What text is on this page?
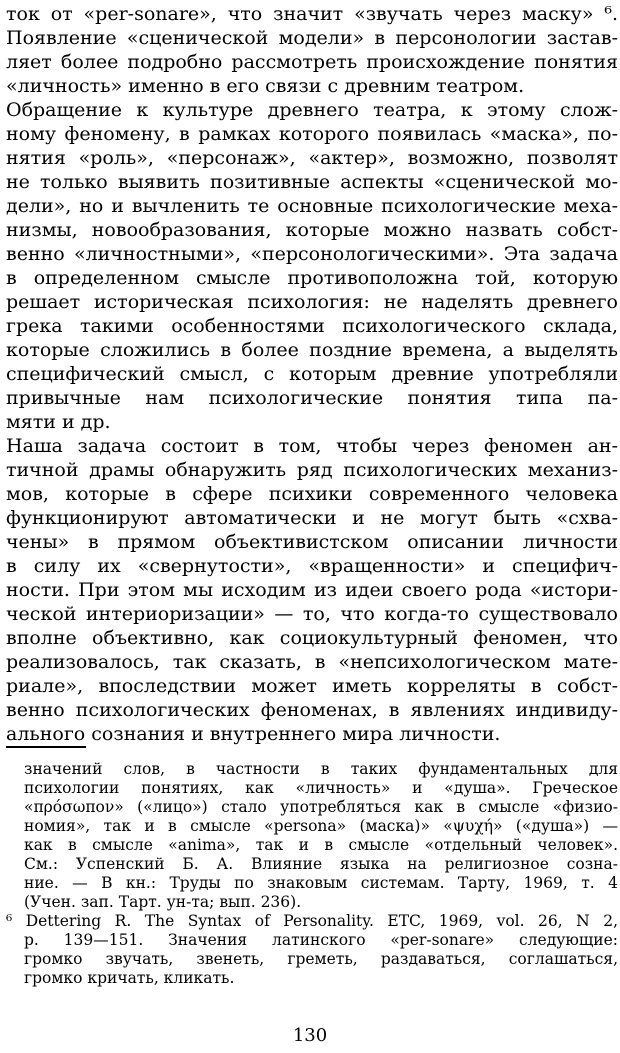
ток от «per-sonare», что значит «звучать через маску» ⁶.
Появление «сценической модели» в персонологии застав-
ляет более подробно рассмотреть происхождение понятия
«личность» именно в его связи с древним театром.
Обращение к культуре древнего театра, к этому слож-
ному феномену, в рамках которого появилась «маска», по-
нятия «роль», «персонаж», «актер», возможно, позволят
не только выявить позитивные аспекты «сценической мо-
дели», но и вычленить те основные психологические меха-
низмы, новообразования, которые можно назвать собст-
венно «личностными», «персонологическими». Эта задача
в определенном смысле противоположна той, которую
решает историческая психология: не наделять древнего
грека такими особенностями психологического склада,
которые сложились в более поздние времена, а выделять
специфический смысл, с которым древние употребляли
привычные нам психологические понятия типа па-
мяти и др.
Наша задача состоит в том, чтобы через феномен ан-
тичной драмы обнаружить ряд психологических механиз-
мов, которые в сфере психики современного человека
функционируют автоматически и не могут быть «схва-
чены» в прямом объективистском описании личности
в силу их «свернутости», «вращенности» и специфич-
ности. При этом мы исходим из идеи своего рода «истори-
ческой интериоризации» — то, что когда-то существовало
вполне объективно, как социокультурный феномен, что
реализовалось, так сказать, в «непсихологическом мате-
риале», впоследствии может иметь корреляты в собст-
венно психологических феноменах, в явлениях индивиду-
ального сознания и внутреннего мира личности.
значений слов, в частности в таких фундаментальных для
психологии понятиях, как «личность» и «душа». Греческое
«πρόσωπον» («лицо») стало употребляться как в смысле «физио-
номия», так и в смысле «persona» (маска)» «ψυχή» («душа») —
как в смысле «anima», так и в смысле «отдельный человек».
См.: Успенский Б. А. Влияние языка на религиозное созна-
ние. — В кн.: Труды по знаковым системам. Тарту, 1969, т. 4
(Учен. зап. Тарт. ун-та; вып. 236).
⁶ Dettering R. The Syntax of Personality. ETC, 1969, vol. 26, N 2,
р. 139—151. Значения латинского «per-sonare» следующие:
громко звучать, звенеть, греметь, раздаваться, соглашаться,
громко кричать, кликать.
130
